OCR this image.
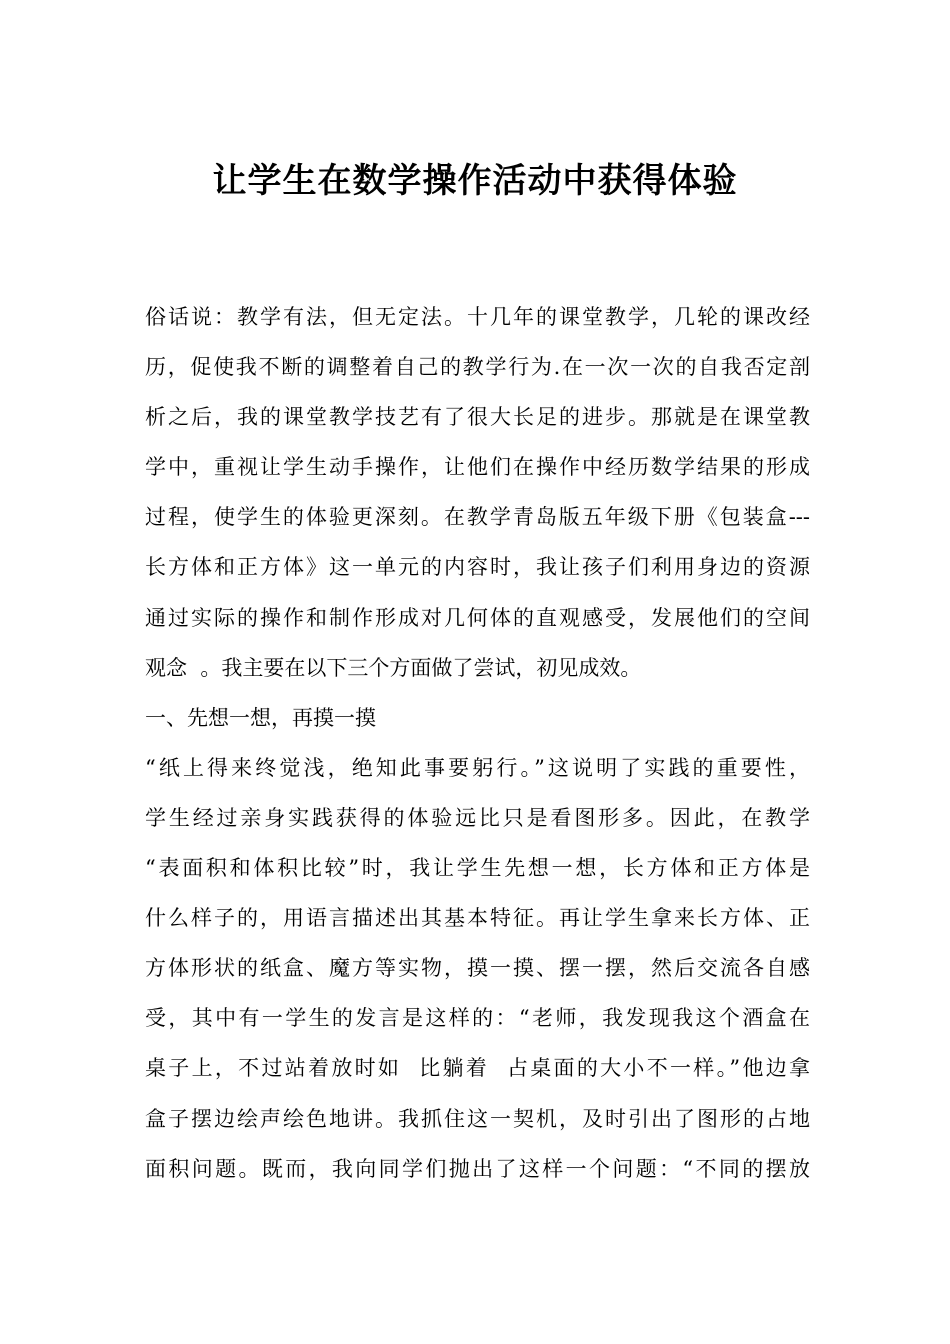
让学生在数学操作活动中获得体验
俗话说：教学有法，但无定法。十几年的课堂教学，几轮的课改经
历，促使我不断的调整着自己的教学行为.在一次一次的自我否定剖
析之后，我的课堂教学技艺有了很大长足的进步。那就是在课堂教
学中，重视让学生动手操作，让他们在操作中经历数学结果的形成
过程，使学生的体验更深刻。在教学青岛版五年级下册《包装盒---
长方体和正方体》这一单元的内容时，我让孩子们利用身边的资源
通过实际的操作和制作形成对几何体的直观感受，发展他们的空间
观念  。我主要在以下三个方面做了尝试，初见成效。
一、先想一想，再摸一摸
“纸上得来终觉浅，绝知此事要躬行。”这说明了实践的重要性，
学生经过亲身实践获得的体验远比只是看图形多。因此，在教学
“表面积和体积比较”时，我让学生先想一想，长方体和正方体是
什么样子的，用语言描述出其基本特征。再让学生拿来长方体、正
方体形状的纸盒、魔方等实物，摸一摸、摆一摆，然后交流各自感
受，其中有一学生的发言是这样的：“老师，我发现我这个酒盒在
桌子上，不过站着放时如  比躺着  占桌面的大小不一样。”他边拿
盒子摆边绘声绘色地讲。我抓住这一契机，及时引出了图形的占地
面积问题。既而，我向同学们抛出了这样一个问题：“不同的摆放
